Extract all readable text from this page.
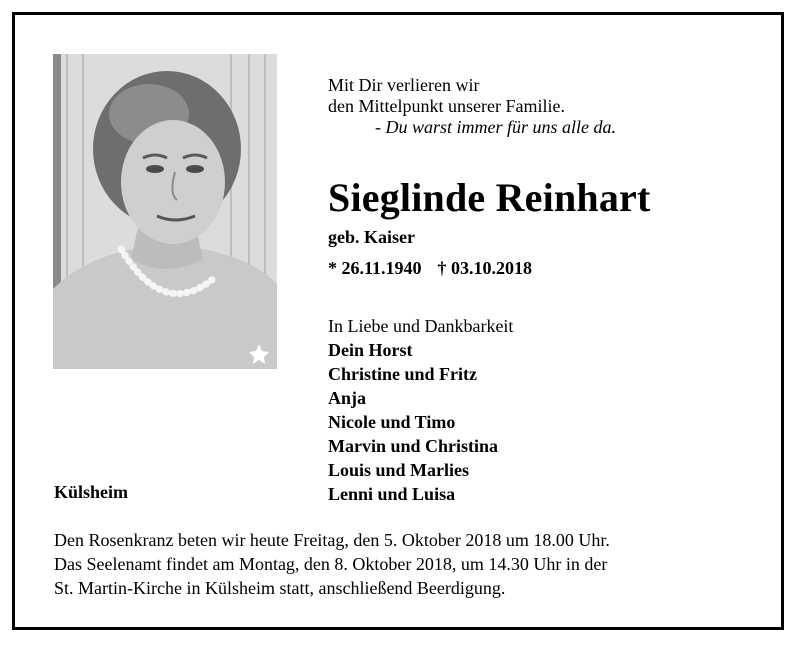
Mit Dir verlieren wir
den Mittelpunkt unserer Familie.
- Du warst immer für uns alle da.
Sieglinde Reinhart
geb. Kaiser
* 26.11.1940 † 03.10.2018
In Liebe und Dankbarkeit
Dein Horst
Christine und Fritz
Anja
Nicole und Timo
Marvin und Christina
Louis und Marlies
Lenni und Luisa
Külsheim
Den Rosenkranz beten wir heute Freitag, den 5. Oktober 2018 um 18.00 Uhr.
Das Seelenamt findet am Montag, den 8. Oktober 2018, um 14.30 Uhr in der
St. Martin-Kirche in Külsheim statt, anschließend Beerdigung.
